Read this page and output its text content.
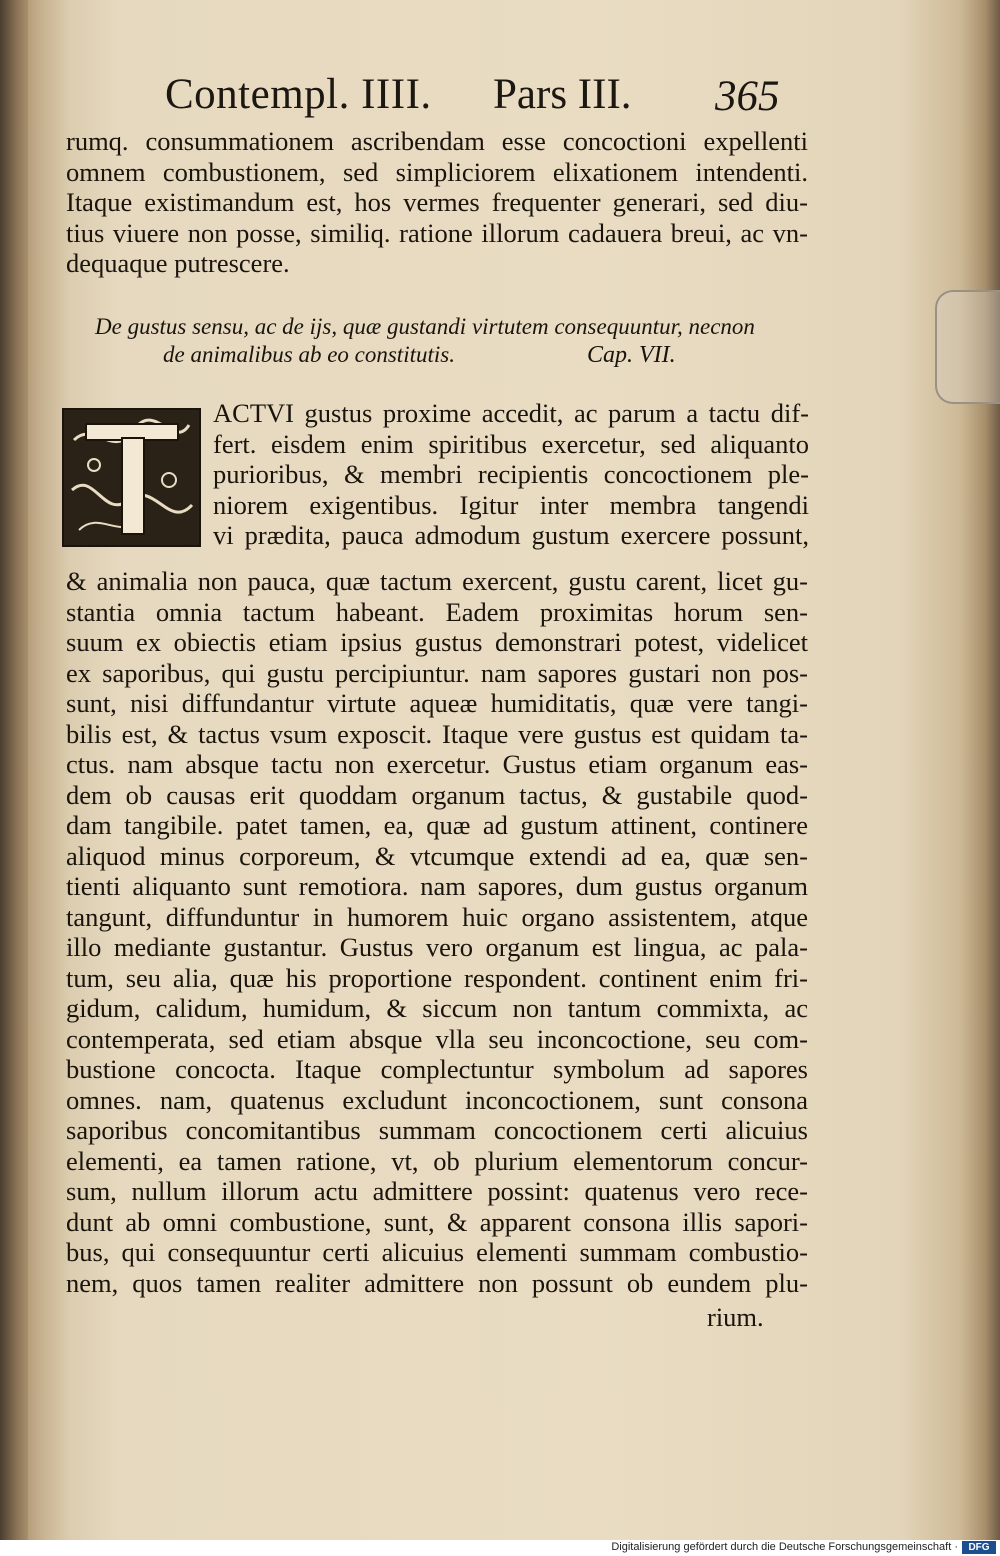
Contempl. IIII. Pars III. 365
rumq. consummationem ascribendam esse concoctioni expellenti
omnem combustionem, sed simpliciorem elixationem intendenti.
Itaque existimandum est, hos vermes frequenter generari, sed diu-
tius viuere non posse, similiq. ratione illorum cadauera breui, ac vn-
dequaque putrescere.
De gustus sensu, ac de ijs, quæ gustandi virtutem consequuntur, necnon
de animalibus ab eo constitutis.	Cap. VII.
ACTVI gustus proxime accedit, ac parum a tactu dif-
fert. eisdem enim spiritibus exercetur, sed aliquanto
purioribus, & membri recipientis concoctionem ple-
niorem exigentibus. Igitur inter membra tangendi
vi prædita, pauca admodum gustum exercere possunt,
& animalia non pauca, quæ tactum exercent, gustu carent, licet gu-
stantia omnia tactum habeant. Eadem proximitas horum sen-
suum ex obiectis etiam ipsius gustus demonstrari potest, videlicet
ex saporibus, qui gustu percipiuntur. nam sapores gustari non pos-
sunt, nisi diffundantur virtute aqueæ humiditatis, quæ vere tangi-
bilis est, & tactus vsum exposcit. Itaque vere gustus est quidam ta-
ctus. nam absque tactu non exercetur. Gustus etiam organum eas-
dem ob causas erit quoddam organum tactus, & gustabile quod-
dam tangibile. patet tamen, ea, quæ ad gustum attinent, continere
aliquod minus corporeum, & vtcumque extendi ad ea, quæ sen-
tienti aliquanto sunt remotiora. nam sapores, dum gustus organum
tangunt, diffunduntur in humorem huic organo assistentem, atque
illo mediante gustantur. Gustus vero organum est lingua, ac pala-
tum, seu alia, quæ his proportione respondent. continent enim fri-
gidum, calidum, humidum, & siccum non tantum commixta, ac
contemperata, sed etiam absque vlla seu inconcoctione, seu com-
bustione concocta. Itaque complectuntur symbolum ad sapores
omnes. nam, quatenus excludunt inconcoctionem, sunt consona
saporibus concomitantibus summam concoctionem certi alicuius
elementi, ea tamen ratione, vt, ob plurium elementorum concur-
sum, nullum illorum actu admittere possint: quatenus vero rece-
dunt ab omni combustione, sunt, & apparent consona illis sapori-
bus, qui consequuntur certi alicuius elementi summam combustio-
nem, quos tamen realiter admittere non possunt ob eundem plu-
rium.
Digitalisierung gefördert durch die Deutsche Forschungsgemeinschaft ·	DFG
